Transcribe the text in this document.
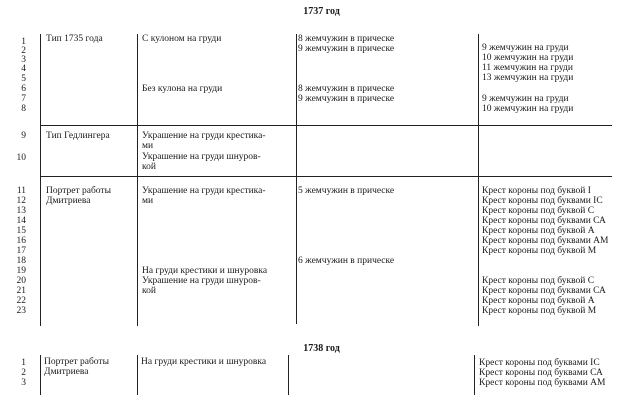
1737 год
1738 год
1
2
3
4
5
6
7
8
9
10
11
12
13
14
15
16
17
18
19
20
21
22
23
Тип 1735 года
Тип Гедлингера
Портрет работы
Дмитриева
С кулоном на груди
Без кулона на груди
Украшение на груди крестика-
ми
Украшение на груди шнуров-
кой
Украшение на груди крестика-
ми
На груди крестики и шнуровка
Украшение на груди шнуров-
кой
8 жемчужин в прическе
9 жемчужин в прическе
8 жемчужин в прическе
9 жемчужин в прическе
5 жемчужин в прическе
6 жемчужин в прическе
9 жемчужин на груди
10 жемчужин на груди
11 жемчужин на груди
13 жемчужин на груди
9 жемчужин на груди
10 жемчужин на груди
Крест короны под буквой I
Крест короны под буквами IC
Крест короны под буквой С
Крест короны под буквами СА
Крест короны под буквой А
Крест короны под буквами АМ
Крест короны под буквой М
Крест короны под буквой С
Крест короны под буквами СА
Крест короны под буквой А
Крест короны под буквой М
1
2
3
Портрет работы
Дмитриева
На груди крестики и шнуровка	Крест короны под буквами IC
Крест короны под буквами СА
Крест короны под буквами АМ
